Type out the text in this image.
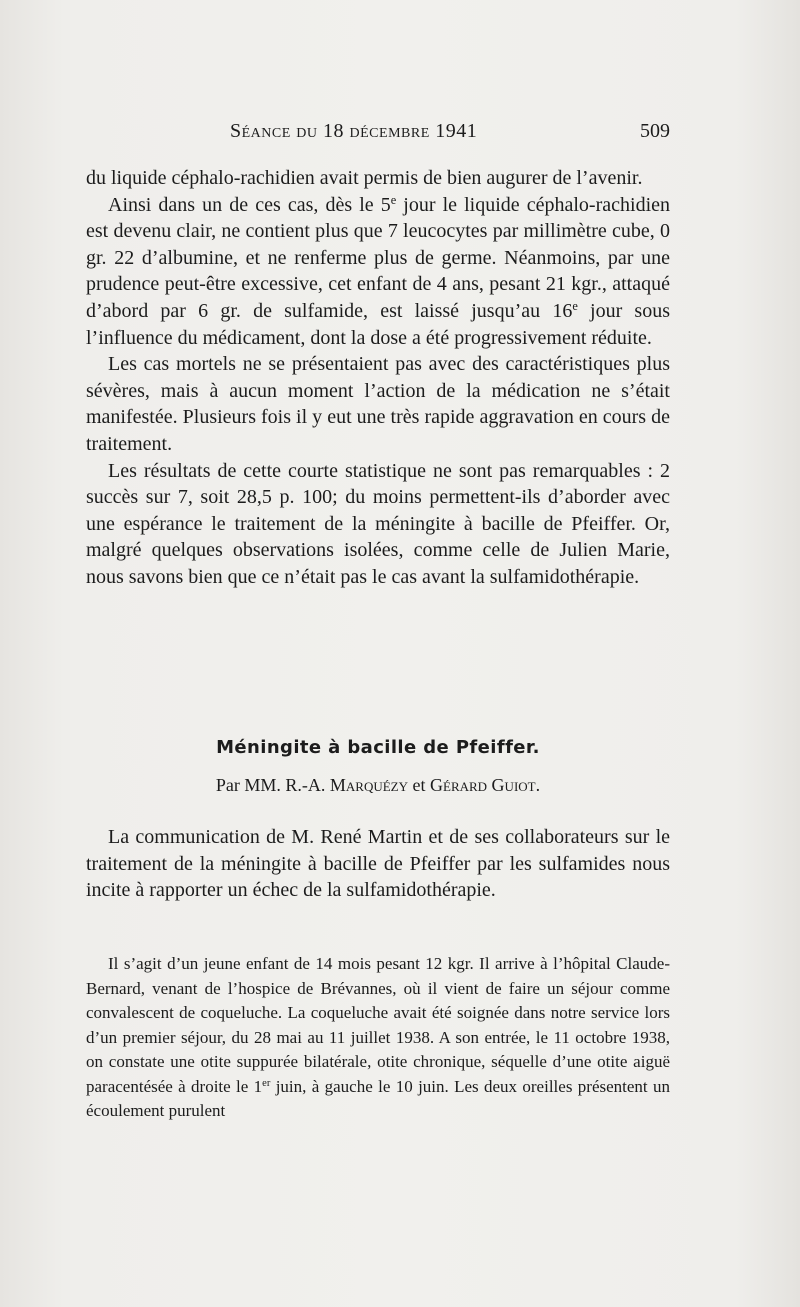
Séance du 18 décembre 1941	509

du liquide céphalo-rachidien avait permis de bien augurer de l’avenir.

Ainsi dans un de ces cas, dès le 5e jour le liquide céphalo-rachidien est devenu clair, ne contient plus que 7 leucocytes par millimètre cube, 0 gr. 22 d’albumine, et ne renferme plus de germe. Néanmoins, par une prudence peut-être excessive, cet enfant de 4 ans, pesant 21 kgr., attaqué d’abord par 6 gr. de sulfamide, est laissé jusqu’au 16e jour sous l’influence du médicament, dont la dose a été progressivement réduite.

Les cas mortels ne se présentaient pas avec des caractéristiques plus sévères, mais à aucun moment l’action de la médication ne s’était manifestée. Plusieurs fois il y eut une très rapide aggravation en cours de traitement.

Les résultats de cette courte statistique ne sont pas remarquables : 2 succès sur 7, soit 28,5 p. 100; du moins permettent-ils d’aborder avec une espérance le traitement de la méningite à bacille de Pfeiffer. Or, malgré quelques observations isolées, comme celle de Julien Marie, nous savons bien que ce n’était pas le cas avant la sulfamidothérapie.

Méningite à bacille de Pfeiffer.
Par MM. R.-A. Marquézy et Gérard Guiot.

La communication de M. René Martin et de ses collaborateurs sur le traitement de la méningite à bacille de Pfeiffer par les sulfamides nous incite à rapporter un échec de la sulfamidothérapie.

Il s’agit d’un jeune enfant de 14 mois pesant 12 kgr. Il arrive à l’hôpital Claude-Bernard, venant de l’hospice de Brévannes, où il vient de faire un séjour comme convalescent de coqueluche. La coqueluche avait été soignée dans notre service lors d’un premier séjour, du 28 mai au 11 juillet 1938. A son entrée, le 11 octobre 1938, on constate une otite suppurée bilatérale, otite chronique, séquelle d’une otite aiguë paracentésée à droite le 1er juin, à gauche le 10 juin. Les deux oreilles présentent un écoulement purulent
